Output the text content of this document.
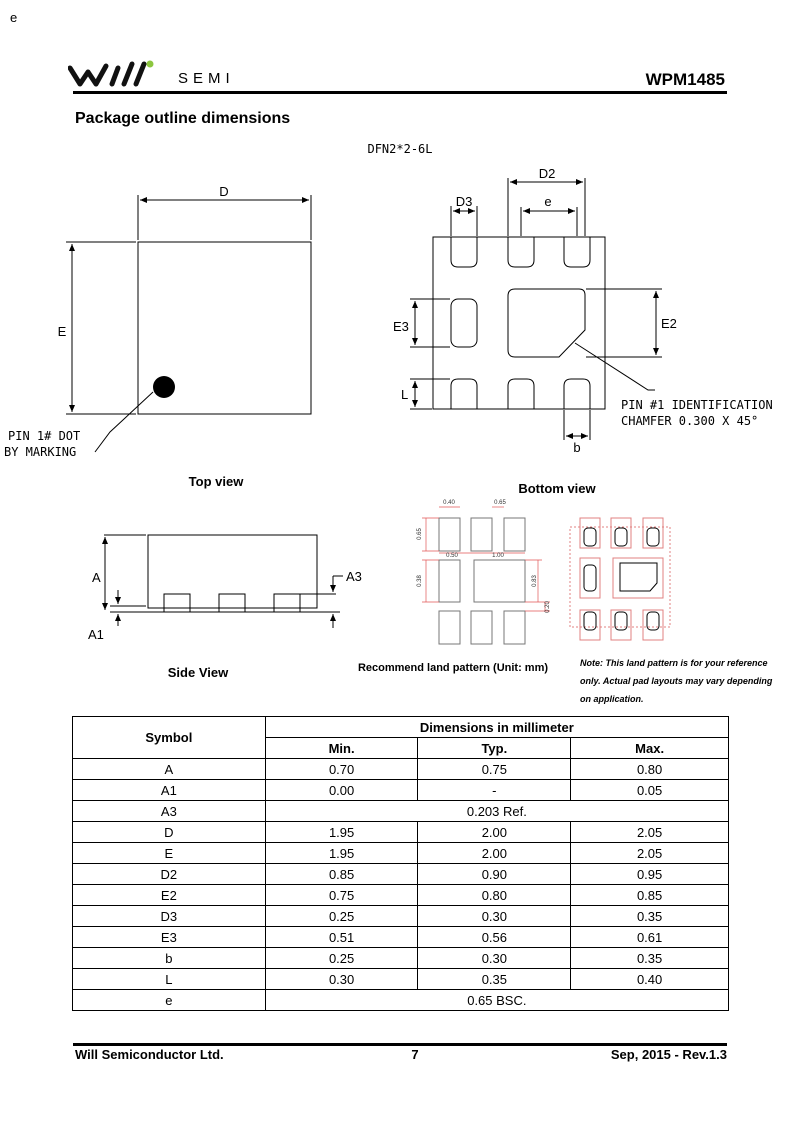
e
SEMI	WPM1485
Package outline dimensions
DFN2*2-6L
D
E
PIN 1# DOT
BY MARKING
Top view
D2
D3	e
E3	E2
L
b
PIN #1 IDENTIFICATION
CHAMFER 0.300 X 45°
Bottom view
A
A1
A3
Side View
0.40	0.65
0.65
0.50	1.00
0.38	0.83
0.20
Recommend land pattern (Unit: mm)	Note: This land pattern is for your reference
only. Actual pad layouts may vary depending
on application.
Symbol	Dimensions in millimeter		
	Min.	Typ.	Max.
A	0.70	0.75	0.80
A1	0.00	-	0.05
A3	0.203 Ref.		
D	1.95	2.00	2.05
E	1.95	2.00	2.05
D2	0.85	0.90	0.95
E2	0.75	0.80	0.85
D3	0.25	0.30	0.35
E3	0.51	0.56	0.61
b	0.25	0.30	0.35
L	0.30	0.35	0.40
e	0.65 BSC.		
Will Semiconductor Ltd.	7	Sep, 2015 - Rev.1.3
